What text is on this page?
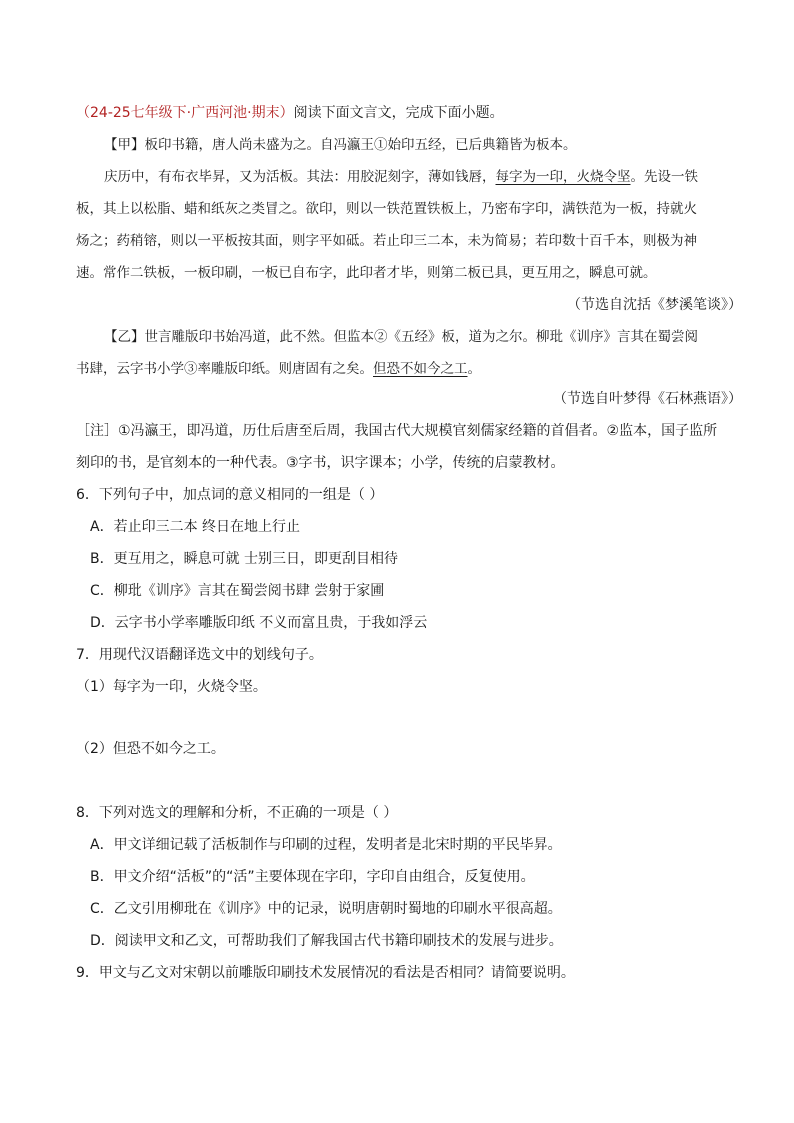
（24-25七年级下·广西河池·期末）阅读下面文言文，完成下面小题。
【甲】板印书籍，唐人尚未盛为之。自冯瀛王①始印五经，已后典籍皆为板本。
庆历中，有布衣毕昇，又为活板。其法：用胶泥刻字，薄如钱唇，每字为一印，火烧令坚。先设一铁
板，其上以松脂、蜡和纸灰之类冒之。欲印，则以一铁范置铁板上，乃密布字印，满铁范为一板，持就火
炀之；药稍镕，则以一平板按其面，则字平如砥。若止印三二本，未为简易；若印数十百千本，则极为神
速。常作二铁板，一板印刷，一板已自布字，此印者才毕，则第二板已具，更互用之，瞬息可就。
（节选自沈括《梦溪笔谈》）
【乙】世言雕版印书始冯道，此不然。但监本②《五经》板，道为之尔。柳玭《训序》言其在蜀尝阅
书肆，云字书小学③率雕版印纸。则唐固有之矣。但恐不如今之工。
（节选自叶梦得《石林燕语》）
［注］①冯瀛王，即冯道，历仕后唐至后周，我国古代大规模官刻儒家经籍的首倡者。②监本，国子监所
刻印的书，是官刻本的一种代表。③字书，识字课本；小学，传统的启蒙教材。
6．下列句子中，加点词的意义相同的一组是（ ）
A．若止印三二本 终日在地上行止
B．更互用之，瞬息可就 士别三日，即更刮目相待
C．柳玭《训序》言其在蜀尝阅书肆 尝射于家圃
D．云字书小学率雕版印纸 不义而富且贵，于我如浮云
7．用现代汉语翻译选文中的划线句子。
（1）每字为一印，火烧令坚。
（2）但恐不如今之工。
8．下列对选文的理解和分析，不正确的一项是（ ）
A．甲文详细记载了活板制作与印刷的过程，发明者是北宋时期的平民毕昇。
B．甲文介绍“活板”的“活”主要体现在字印，字印自由组合，反复使用。
C．乙文引用柳玭在《训序》中的记录，说明唐朝时蜀地的印刷水平很高超。
D．阅读甲文和乙文，可帮助我们了解我国古代书籍印刷技术的发展与进步。
9．甲文与乙文对宋朝以前雕版印刷技术发展情况的看法是否相同？请简要说明。
